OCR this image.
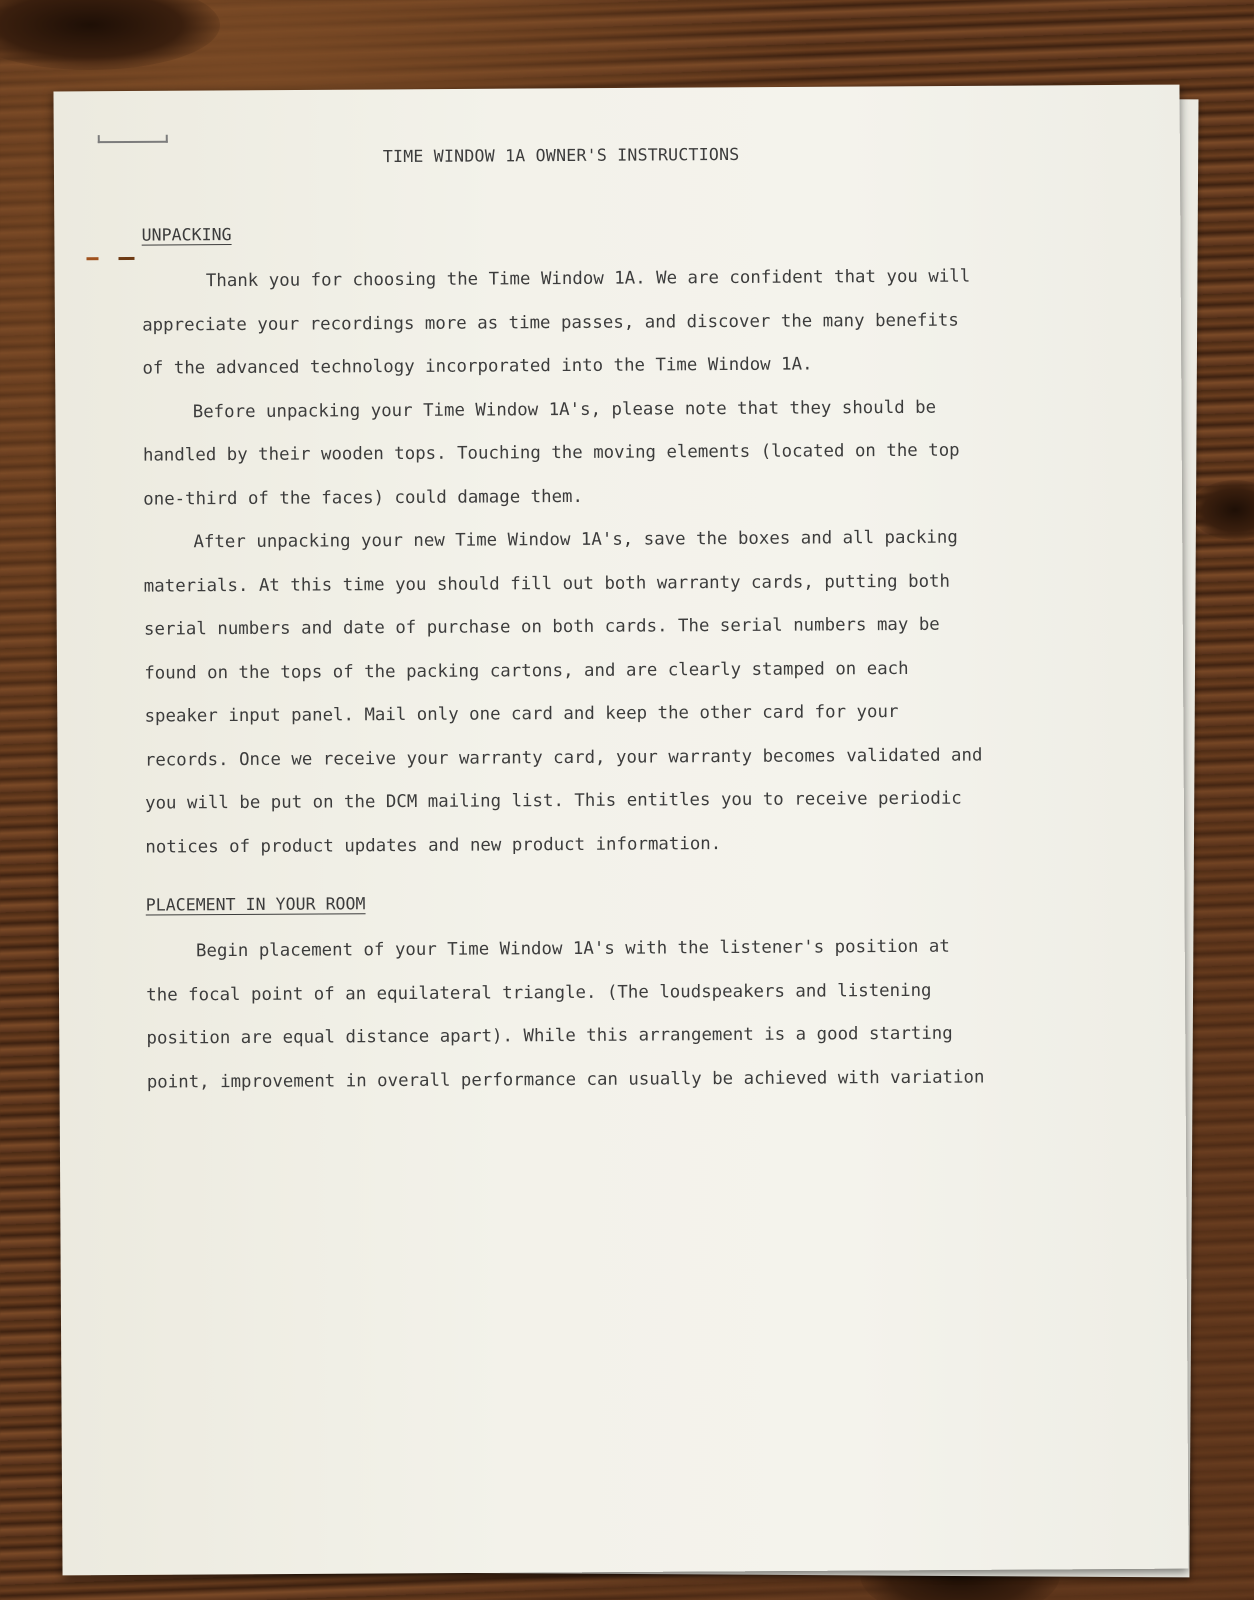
TIME WINDOW 1A OWNER'S INSTRUCTIONS
UNPACKING

Thank you for choosing the Time Window 1A. We are confident that you will appreciate your recordings more as time passes, and discover the many benefits of the advanced technology incorporated into the Time Window 1A.

Before unpacking your Time Window 1A's, please note that they should be handled by their wooden tops. Touching the moving elements (located on the top one-third of the faces) could damage them.

After unpacking your new Time Window 1A's, save the boxes and all packing materials. At this time you should fill out both warranty cards, putting both serial numbers and date of purchase on both cards. The serial numbers may be found on the tops of the packing cartons, and are clearly stamped on each speaker input panel. Mail only one card and keep the other card for your records. Once we receive your warranty card, your warranty becomes validated and you will be put on the DCM mailing list. This entitles you to receive periodic notices of product updates and new product information.

PLACEMENT IN YOUR ROOM

Begin placement of your Time Window 1A's with the listener's position at the focal point of an equilateral triangle. (The loudspeakers and listening position are equal distance apart). While this arrangement is a good starting point, improvement in overall performance can usually be achieved with variation
